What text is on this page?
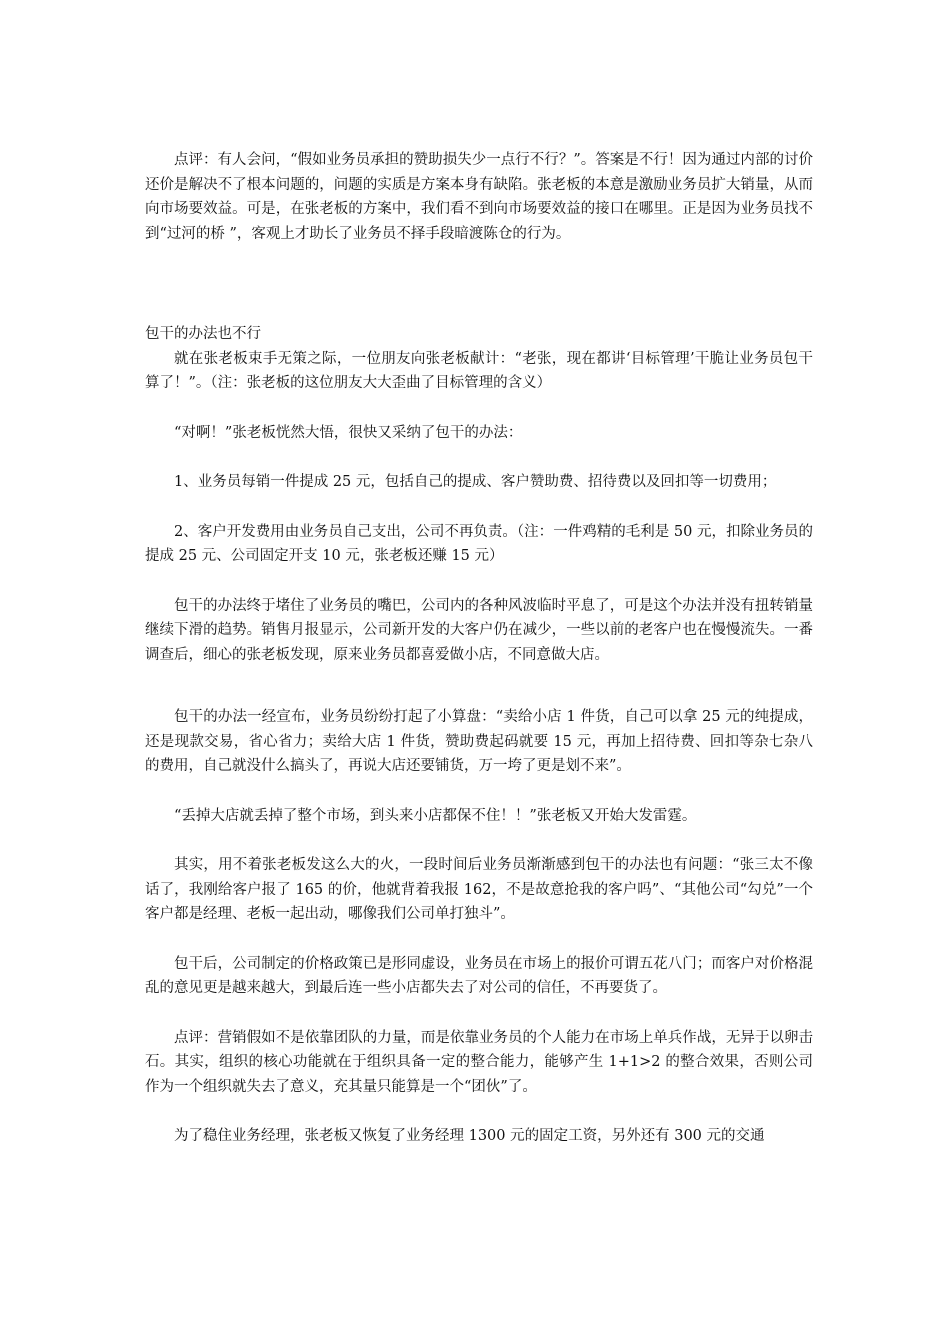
点评：有人会问，“假如业务员承担的赞助损失少一点行不行？”。答案是不行！因为通过内部的讨价还价是解决不了根本问题的，问题的实质是方案本身有缺陷。张老板的本意是激励业务员扩大销量，从而向市场要效益。可是，在张老板的方案中，我们看不到向市场要效益的接口在哪里。正是因为业务员找不到“过河的桥 ”，客观上才助长了业务员不择手段暗渡陈仓的行为。

包干的办法也不行

就在张老板束手无策之际，一位朋友向张老板献计：“老张，现在都讲‘目标管理’干脆让业务员包干算了！”。（注：张老板的这位朋友大大歪曲了目标管理的含义）

“对啊！”张老板恍然大悟，很快又采纳了包干的办法：

1、业务员每销一件提成 25 元，包括自己的提成、客户赞助费、招待费以及回扣等一切费用；

2、客户开发费用由业务员自己支出，公司不再负责。（注：一件鸡精的毛利是 50 元，扣除业务员的提成 25 元、公司固定开支 10 元，张老板还赚 15 元）

包干的办法终于堵住了业务员的嘴巴，公司内的各种风波临时平息了，可是这个办法并没有扭转销量继续下滑的趋势。销售月报显示，公司新开发的大客户仍在减少，一些以前的老客户也在慢慢流失。一番调查后，细心的张老板发现，原来业务员都喜爱做小店，不同意做大店。

包干的办法一经宣布，业务员纷纷打起了小算盘：“卖给小店 1 件货，自己可以拿 25 元的纯提成，还是现款交易，省心省力；卖给大店 1 件货，赞助费起码就要 15 元，再加上招待费、回扣等杂七杂八的费用，自己就没什么搞头了，再说大店还要铺货，万一垮了更是划不来”。

“丢掉大店就丢掉了整个市场，到头来小店都保不住！！”张老板又开始大发雷霆。

其实，用不着张老板发这么大的火，一段时间后业务员渐渐感到包干的办法也有问题：“张三太不像话了，我刚给客户报了 165 的价，他就背着我报 162，不是故意抢我的客户吗”、“其他公司“勾兑”一个客户都是经理、老板一起出动，哪像我们公司单打独斗”。

包干后，公司制定的价格政策已是形同虚设，业务员在市场上的报价可谓五花八门；而客户对价格混乱的意见更是越来越大，到最后连一些小店都失去了对公司的信任，不再要货了。

点评：营销假如不是依靠团队的力量，而是依靠业务员的个人能力在市场上单兵作战，无异于以卵击石。其实，组织的核心功能就在于组织具备一定的整合能力，能够产生 1+1>2 的整合效果，否则公司作为一个组织就失去了意义，充其量只能算是一个“团伙”了。

为了稳住业务经理，张老板又恢复了业务经理 1300 元的固定工资，另外还有 300 元的交通
